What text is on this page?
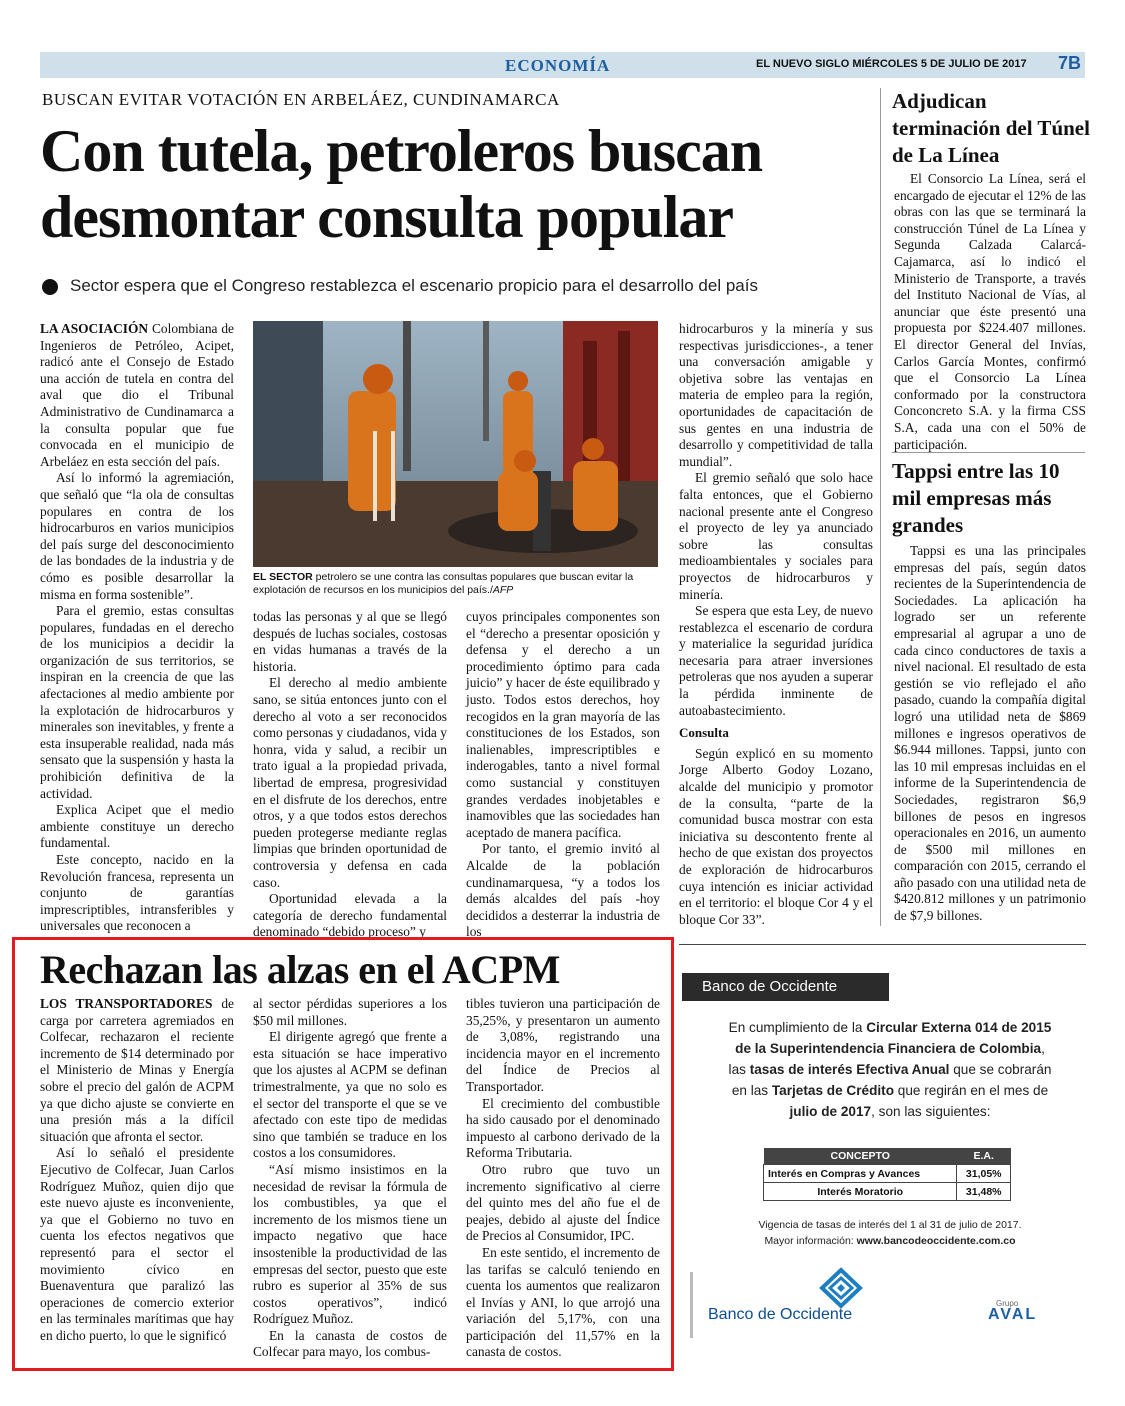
ECONOMÍA	EL NUEVO SIGLO MIÉRCOLES 5 DE JULIO DE 2017 7B
BUSCAN EVITAR VOTACIÓN EN ARBELÁEZ, CUNDINAMARCA
Con tutela, petroleros buscan
desmontar consulta popular
Sector espera que el Congreso restablezca el escenario propicio para el desarrollo del país

LA ASOCIACIÓN Colombiana de Ingenieros de Petróleo, Acipet, radicó ante el Consejo de Estado una acción de tutela en contra del aval que dio el Tribunal Administrativo de Cundinamarca a la consulta popular que fue convocada en el municipio de Arbeláez en esta sección del país.

Así lo informó la agremiación, que señaló que “la ola de consultas populares en contra de los hidrocarburos en varios municipios del país surge del desconocimiento de las bondades de la industria y de cómo es posible desarrollar la misma en forma sostenible”.

Para el gremio, estas consultas populares, fundadas en el derecho de los municipios a decidir la organización de sus territorios, se inspiran en la creencia de que las afectaciones al medio ambiente por la explotación de hidrocarburos y minerales son inevitables, y frente a esta insuperable realidad, nada más sensato que la suspensión y hasta la prohibición definitiva de la actividad.

Explica Acipet que el medio ambiente constituye un derecho fundamental.

Este concepto, nacido en la Revolución francesa, representa un conjunto de garantías imprescriptibles, intransferibles y universales que reconocen a

EL SECTOR petrolero se une contra las consultas populares que buscan evitar la explotación de recursos en los municipios del país./AFP

todas las personas y al que se llegó después de luchas sociales, costosas en vidas humanas a través de la historia.

El derecho al medio ambiente sano, se sitúa entonces junto con el derecho al voto a ser reconocidos como personas y ciudadanos, vida y honra, vida y salud, a recibir un trato igual a la propiedad privada, libertad de empresa, progresividad en el disfrute de los derechos, entre otros, y a que todos estos derechos pueden protegerse mediante reglas limpias que brinden oportunidad de controversia y defensa en cada caso.

Oportunidad elevada a la categoría de derecho fundamental denominado “debido proceso” y

cuyos principales componentes son el “derecho a presentar oposición y defensa y el derecho a un procedimiento óptimo para cada juicio” y hacer de éste equilibrado y justo. Todos estos derechos, hoy recogidos en la gran mayoría de las constituciones de los Estados, son inalienables, imprescriptibles e inderogables, tanto a nivel formal como sustancial y constituyen grandes verdades inobjetables e inamovibles que las sociedades han aceptado de manera pacífica.

Por tanto, el gremio invitó al Alcalde de la población cundinamarquesa, “y a todos los demás alcaldes del país -hoy decididos a desterrar la industria de los

hidrocarburos y la minería y sus respectivas jurisdicciones-, a tener una conversación amigable y objetiva sobre las ventajas en materia de empleo para la región, oportunidades de capacitación de sus gentes en una industria de desarrollo y competitividad de talla mundial”.

El gremio señaló que solo hace falta entonces, que el Gobierno nacional presente ante el Congreso el proyecto de ley ya anunciado sobre las consultas medioambientales y sociales para proyectos de hidrocarburos y minería.

Se espera que esta Ley, de nuevo restablezca el escenario de cordura y materialice la seguridad jurídica necesaria para atraer inversiones petroleras que nos ayuden a superar la pérdida inminente de autoabastecimiento.

Consulta

Según explicó en su momento Jorge Alberto Godoy Lozano, alcalde del municipio y promotor de la consulta, “parte de la comunidad busca mostrar con esta iniciativa su descontento frente al hecho de que existan dos proyectos de exploración de hidrocarburos cuya intención es iniciar actividad en el territorio: el bloque Cor 4 y el bloque Cor 33”.

Adjudican terminación del Túnel de La Línea

El Consorcio La Línea, será el encargado de ejecutar el 12% de las obras con las que se terminará la construcción Túnel de La Línea y Segunda Calzada Calarcá-Cajamarca, así lo indicó el Ministerio de Transporte, a través del Instituto Nacional de Vías, al anunciar que éste presentó una propuesta por $224.407 millones. El director General del Invías, Carlos García Montes, confirmó que el Consorcio La Línea conformado por la constructora Conconcreto S.A. y la firma CSS S.A, cada una con el 50% de participación.

Tappsi entre las 10 mil empresas más grandes

Tappsi es una las principales empresas del país, según datos recientes de la Superintendencia de Sociedades. La aplicación ha logrado ser un referente empresarial al agrupar a uno de cada cinco conductores de taxis a nivel nacional. El resultado de esta gestión se vio reflejado el año pasado, cuando la compañía digital logró una utilidad neta de $869 millones e ingresos operativos de $6.944 millones. Tappsi, junto con las 10 mil empresas incluidas en el informe de la Superintendencia de Sociedades, registraron $6,9 billones de pesos en ingresos operacionales en 2016, un aumento de $500 mil millones en comparación con 2015, cerrando el año pasado con una utilidad neta de $420.812 millones y un patrimonio de $7,9 billones.

Rechazan las alzas en el ACPM

LOS TRANSPORTADORES de carga por carretera agremiados en Colfecar, rechazaron el reciente incremento de $14 determinado por el Ministerio de Minas y Energía sobre el precio del galón de ACPM ya que dicho ajuste se convierte en una presión más a la difícil situación que afronta el sector.

Así lo señaló el presidente Ejecutivo de Colfecar, Juan Carlos Rodríguez Muñoz, quien dijo que este nuevo ajuste es inconveniente, ya que el Gobierno no tuvo en cuenta los efectos negativos que representó para el sector el movimiento cívico en Buenaventura que paralizó las operaciones de comercio exterior en las terminales marítimas que hay en dicho puerto, lo que le significó

al sector pérdidas superiores a los $50 mil millones.

El dirigente agregó que frente a esta situación se hace imperativo que los ajustes al ACPM se definan trimestralmente, ya que no solo es el sector del transporte el que se ve afectado con este tipo de medidas sino que también se traduce en los costos a los consumidores.

“Así mismo insistimos en la necesidad de revisar la fórmula de los combustibles, ya que el incremento de los mismos tiene un impacto negativo que hace insostenible la productividad de las empresas del sector, puesto que este rubro es superior al 35% de sus costos operativos”, indicó Rodríguez Muñoz.

En la canasta de costos de Colfecar para mayo, los combus-

tibles tuvieron una participación de 35,25%, y presentaron un aumento de 3,08%, registrando una incidencia mayor en el incremento del Índice de Precios al Transportador.

El crecimiento del combustible ha sido causado por el denominado impuesto al carbono derivado de la Reforma Tributaria.

Otro rubro que tuvo un incremento significativo al cierre del quinto mes del año fue el de peajes, debido al ajuste del Índice de Precios al Consumidor, IPC.

En este sentido, el incremento de las tarifas se calculó teniendo en cuenta los aumentos que realizaron el Invías y ANI, lo que arrojó una variación del 5,17%, con una participación del 11,57% en la canasta de costos.

Banco de Occidente
En cumplimiento de la Circular Externa 014 de 2015 de la Superintendencia Financiera de Colombia, las tasas de interés Efectiva Anual que se cobrarán en las Tarjetas de Crédito que regirán en el mes de julio de 2017, son las siguientes:
CONCEPTO	E.A.
Interés en Compras y Avances	31,05%
Interés Moratorio	31,48%
Vigencia de tasas de interés del 1 al 31 de julio de 2017.
Mayor información: www.bancodeoccidente.com.co
Banco de Occidente
Grupo
AVAL
